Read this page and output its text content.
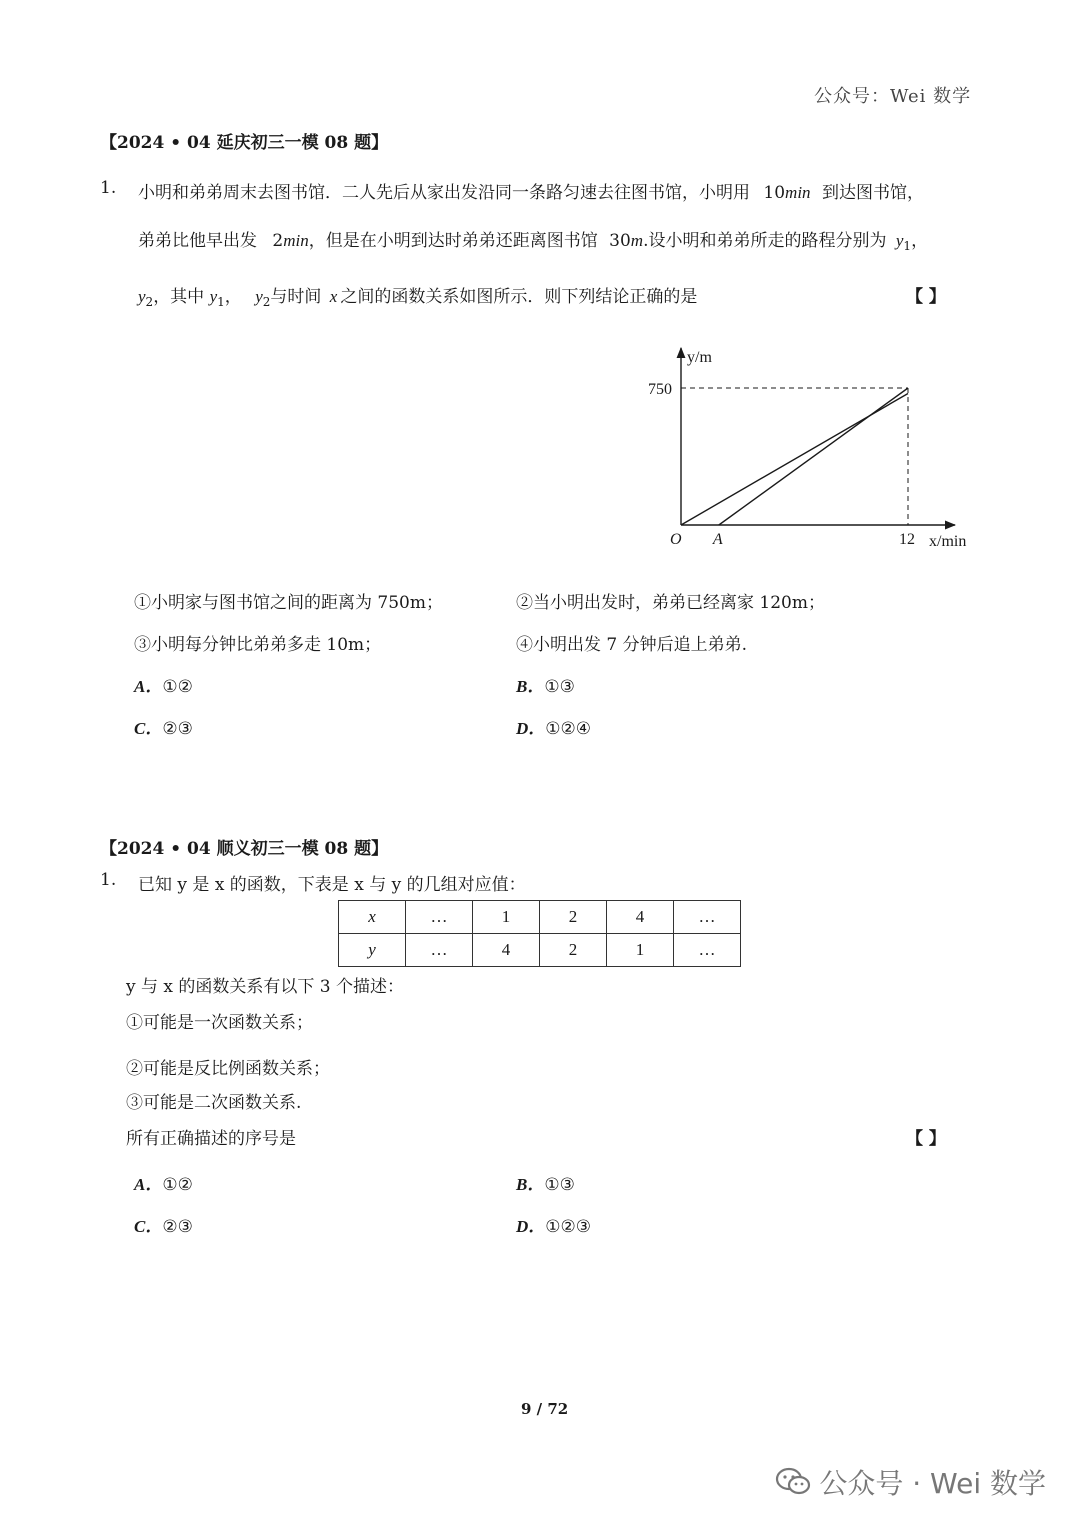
公众号：Wei 数学
【2024 • 04 延庆初三一模 08 题】
1. 小明和弟弟周末去图书馆．二人先后从家出发沿同一条路匀速去往图书馆，小明用 10min 到达图书馆，
弟弟比他早出发 2min，但是在小明到达时弟弟还距离图书馆 30m.设小明和弟弟所走的路程分别为 $y_1$，
$y_2$，其中 $y_1$， $y_2$与时间 x 之间的函数关系如图所示．则下列结论正确的是	【 】
y/m
x/min
O A
750
12
①小明家与图书馆之间的距离为 750m；	②当小明出发时，弟弟已经离家 120m；
③小明每分钟比弟弟多走 10m；	④小明出发 7 分钟后追上弟弟.
A．①②	B．①③
C．②③	D．①②④
【2024 • 04 顺义初三一模 08 题】
1. 已知 y 是 x 的函数，下表是 x 与 y 的几组对应值：
x	…	1	2	4	…
y	…	4	2	1	…
y 与 x 的函数关系有以下 3 个描述：
①可能是一次函数关系；
②可能是反比例函数关系；
③可能是二次函数关系.
所有正确描述的序号是	【 】
A．①②	B．①③
C．②③	D．①②③
9 / 72
公众号 · Wei 数学
